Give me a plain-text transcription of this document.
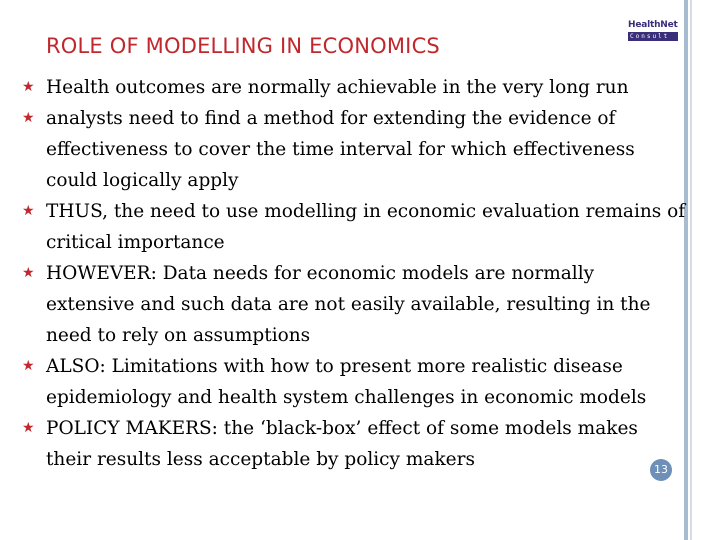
ROLE OF MODELLING IN ECONOMICS
HealthNet
Consult
★ Health outcomes are normally achievable in the very long run
★ analysts need to find a method for extending the evidence of effectiveness to cover the time interval for which effectiveness could logically apply
★ THUS, the need to use modelling in economic evaluation remains of critical importance
★ HOWEVER: Data needs for economic models are normally extensive and such data are not easily available, resulting in the need to rely on assumptions
★ ALSO: Limitations with how to present more realistic disease epidemiology and health system challenges in economic models
★ POLICY MAKERS: the ‘black-box’ effect of some models makes their results less acceptable by policy makers	13
